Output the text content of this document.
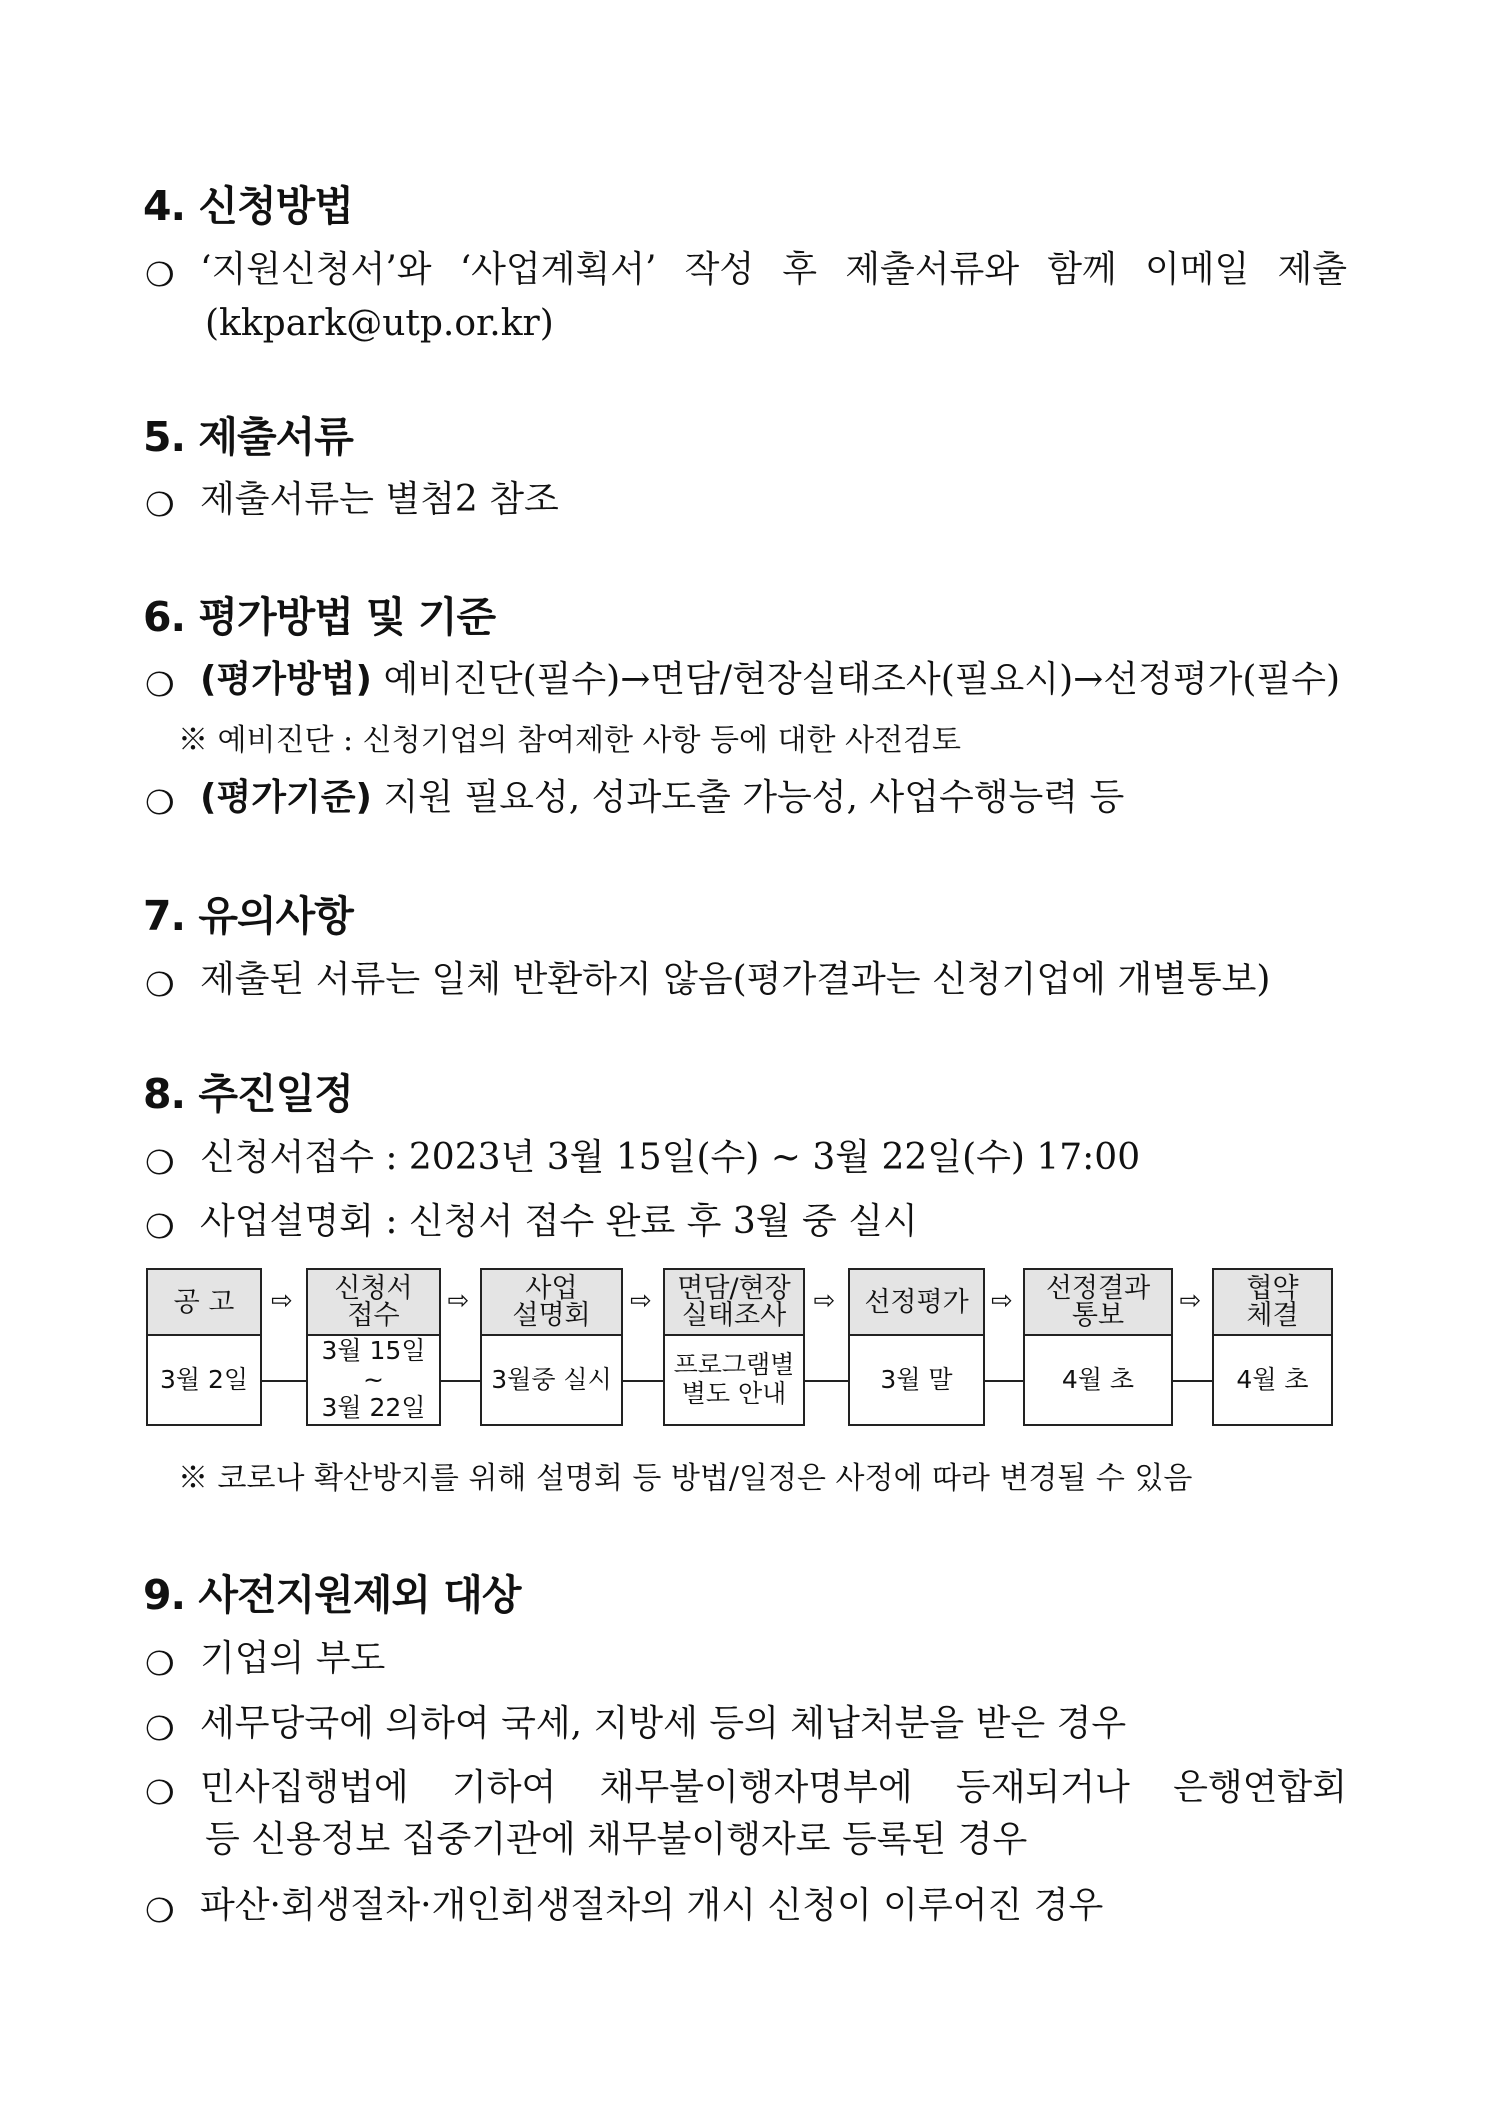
4. 신청방법
❍ ‘지원신청서’와 ‘사업계획서’ 작성 후 제출서류와 함께 이메일 제출
(kkpark@utp.or.kr)
5. 제출서류
❍ 제출서류는 별첨2 참조
6. 평가방법 및 기준
❍ (평가방법) 예비진단(필수)→면담/현장실태조사(필요시)→선정평가(필수)
※ 예비진단 : 신청기업의 참여제한 사항 등에 대한 사전검토
❍ (평가기준) 지원 필요성, 성과도출 가능성, 사업수행능력 등
7. 유의사항
❍ 제출된 서류는 일체 반환하지 않음(평가결과는 신청기업에 개별통보)
8. 추진일정
❍ 신청서접수 : 2023년 3월 15일(수) ~ 3월 22일(수) 17:00
❍ 사업설명회 : 신청서 접수 완료 후 3월 중 실시
공 고
3월 2일
⇨ 신청서
접수
3월 15일
~
3월 22일
⇨	사업
설명회
3월중 실시
⇨ 면담/현장
실태조사
프로그램별
별도 안내
⇨ 선정평가
3월 말
⇨ 선정결과
통보
4월 초
⇨ 협약
체결
4월 초
※ 코로나 확산방지를 위해 설명회 등 방법/일정은 사정에 따라 변경될 수 있음
9. 사전지원제외 대상
❍ 기업의 부도
❍ 세무당국에 의하여 국세, 지방세 등의 체납처분을 받은 경우
❍ 민사집행법에 기하여 채무불이행자명부에 등재되거나 은행연합회
등 신용정보 집중기관에 채무불이행자로 등록된 경우
❍ 파산·회생절차·개인회생절차의 개시 신청이 이루어진 경우
